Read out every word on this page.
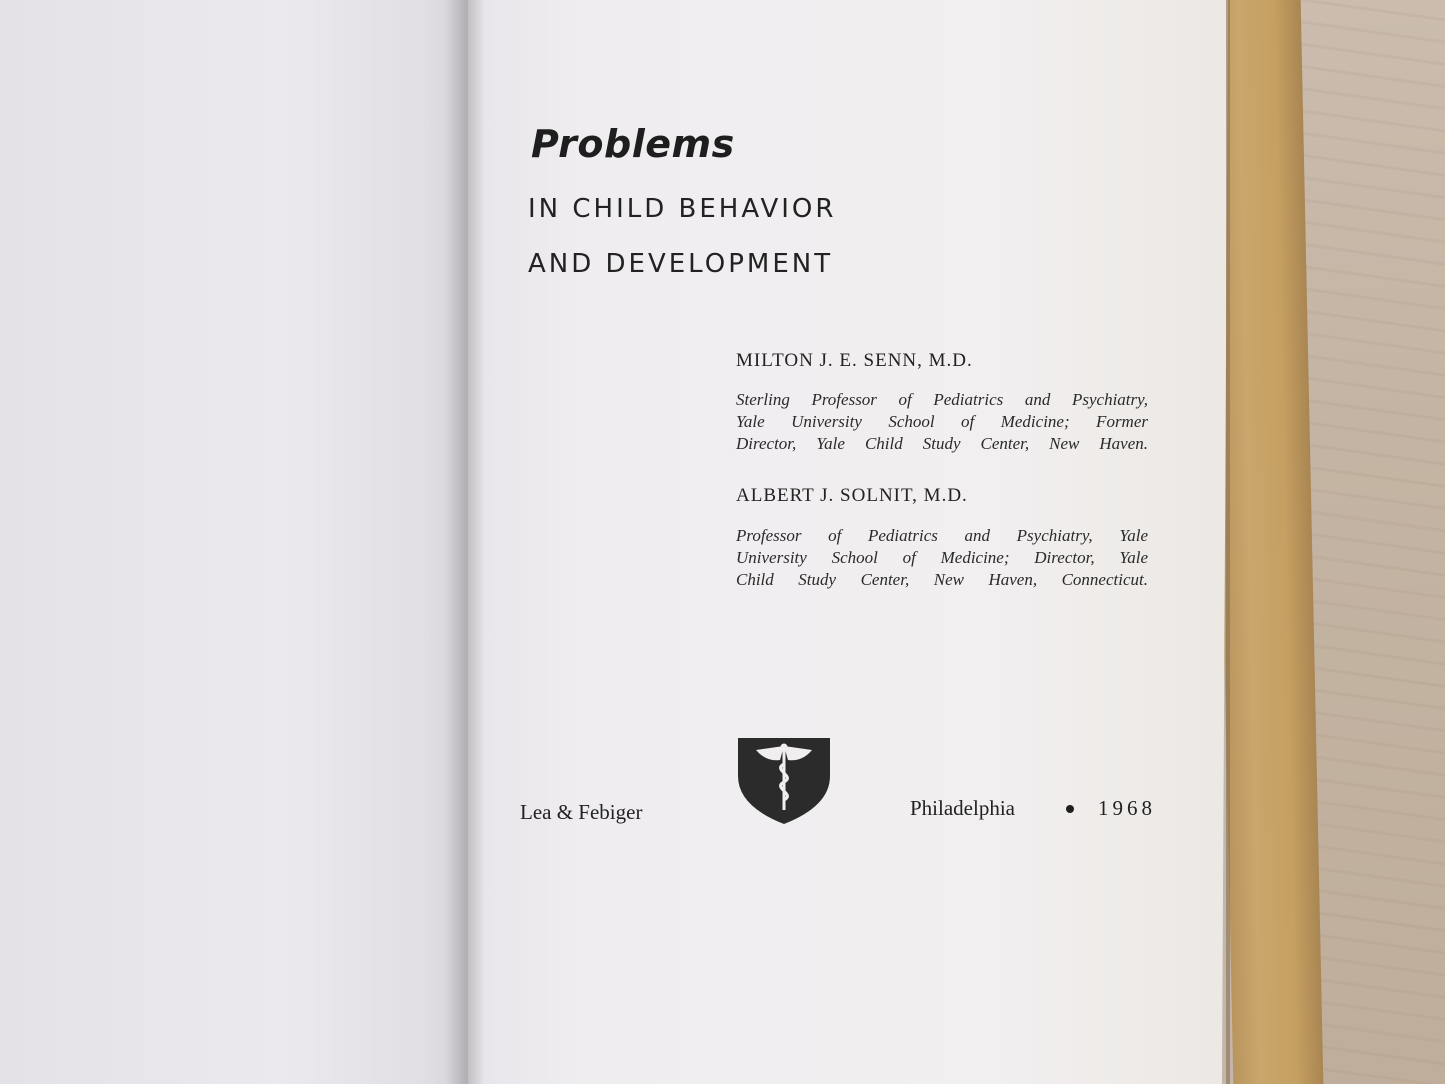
Problems

IN CHILD BEHAVIOR

AND DEVELOPMENT

MILTON J. E. SENN, M.D.
Sterling Professor of Pediatrics and Psychiatry,
Yale University School of Medicine; Former
Director, Yale Child Study Center, New Haven.
ALBERT J. SOLNIT, M.D.
Professor of Pediatrics and Psychiatry, Yale
University School of Medicine; Director, Yale
Child Study Center, New Haven, Connecticut.
Lea & Febiger	Philadelphia	1968
